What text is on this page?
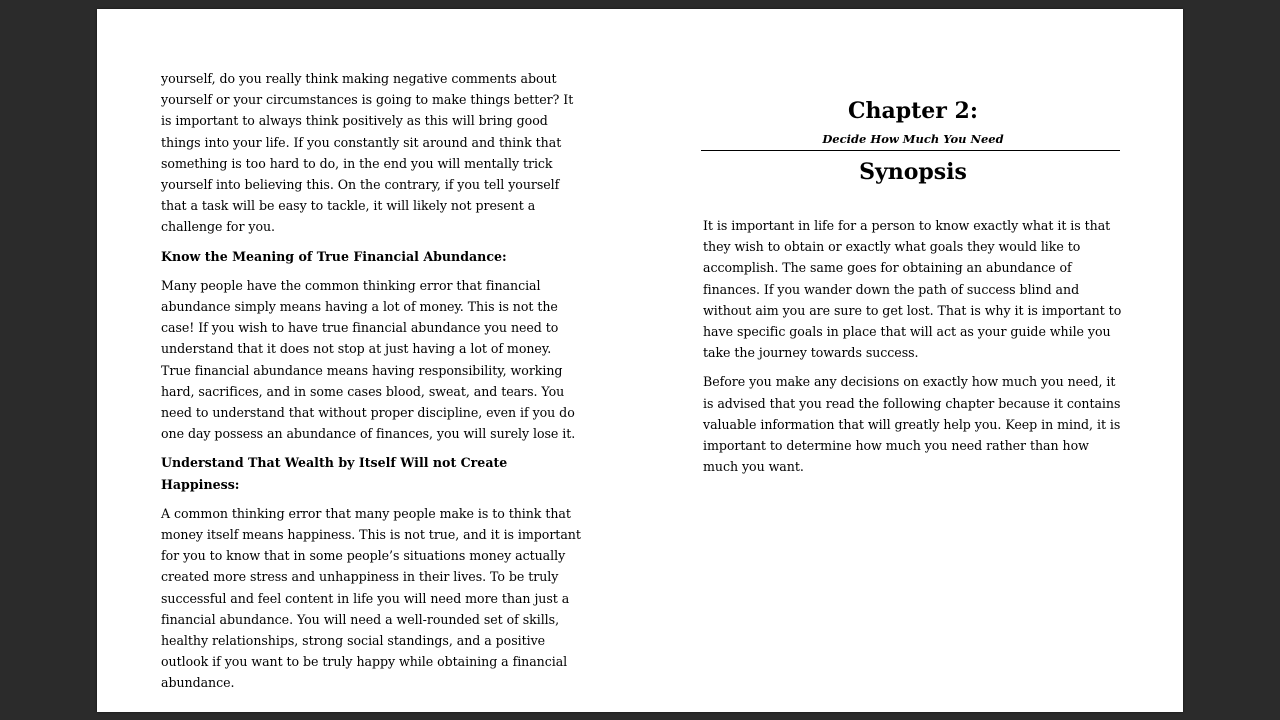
yourself, do you really think making negative comments about yourself or your circumstances is going to make things better? It is important to always think positively as this will bring good things into your life. If you constantly sit around and think that something is too hard to do, in the end you will mentally trick yourself into believing this. On the contrary, if you tell yourself that a task will be easy to tackle, it will likely not present a challenge for you.

Know the Meaning of True Financial Abundance:

Many people have the common thinking error that financial abundance simply means having a lot of money. This is not the case! If you wish to have true financial abundance you need to understand that it does not stop at just having a lot of money. True financial abundance means having responsibility, working hard, sacrifices, and in some cases blood, sweat, and tears. You need to understand that without proper discipline, even if you do one day possess an abundance of finances, you will surely lose it.

Understand That Wealth by Itself Will not Create Happiness:

A common thinking error that many people make is to think that money itself means happiness. This is not true, and it is important for you to know that in some people’s situations money actually created more stress and unhappiness in their lives. To be truly successful and feel content in life you will need more than just a financial abundance. You will need a well-rounded set of skills, healthy relationships, strong social standings, and a positive outlook if you want to be truly happy while obtaining a financial abundance.

Chapter 2:

Decide How Much You Need

Synopsis

It is important in life for a person to know exactly what it is that they wish to obtain or exactly what goals they would like to accomplish. The same goes for obtaining an abundance of finances. If you wander down the path of success blind and without aim you are sure to get lost. That is why it is important to have specific goals in place that will act as your guide while you take the journey towards success.

Before you make any decisions on exactly how much you need, it is advised that you read the following chapter because it contains valuable information that will greatly help you. Keep in mind, it is important to determine how much you need rather than how much you want.
